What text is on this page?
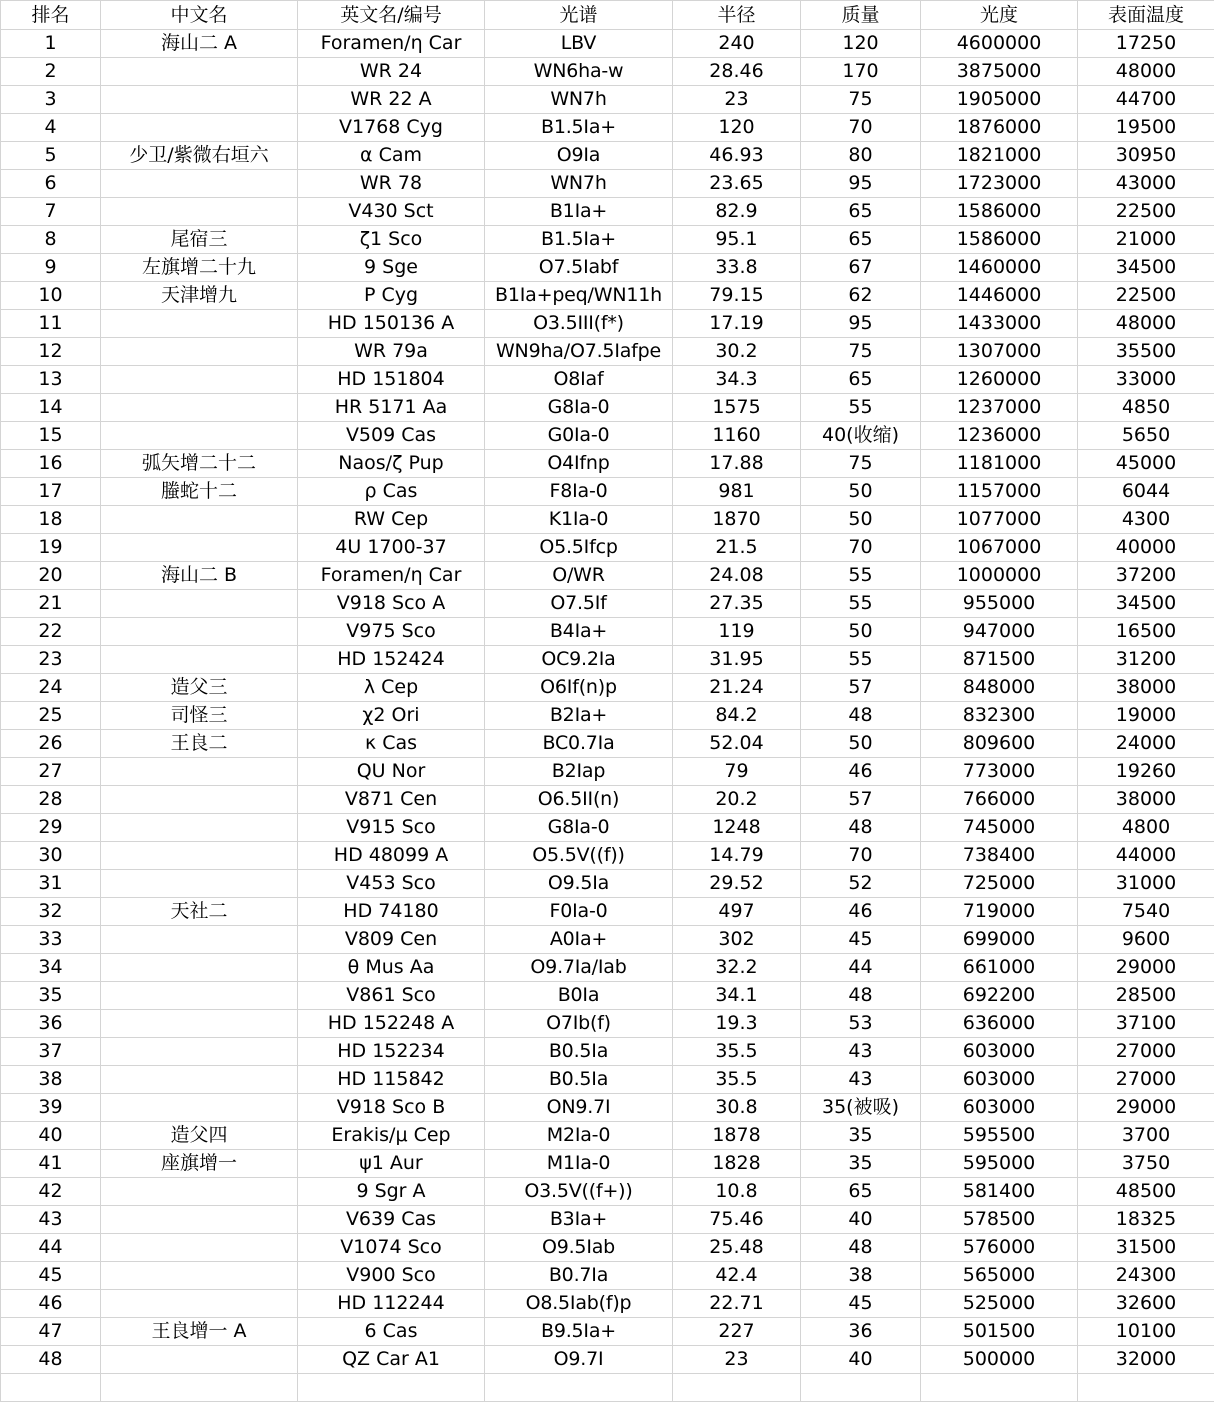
排名	中文名	英文名/编号	光谱	半径	质量	光度	表面温度
1	海山二 A	Foramen/η Car	LBV	240	120	4600000	17250
2		WR 24	WN6ha-w	28.46	170	3875000	48000
3		WR 22 A	WN7h	23	75	1905000	44700
4		V1768 Cyg	B1.5Ia+	120	70	1876000	19500
5	少卫/紫微右垣六	α Cam	O9Ia	46.93	80	1821000	30950
6		WR 78	WN7h	23.65	95	1723000	43000
7		V430 Sct	B1Ia+	82.9	65	1586000	22500
8	尾宿三	ζ1 Sco	B1.5Ia+	95.1	65	1586000	21000
9	左旗增二十九	9 Sge	O7.5Iabf	33.8	67	1460000	34500
10	天津增九	P Cyg	B1Ia+peq/WN11h	79.15	62	1446000	22500
11		HD 150136 A	O3.5III(f*)	17.19	95	1433000	48000
12		WR 79a	WN9ha/O7.5Iafpe	30.2	75	1307000	35500
13		HD 151804	O8Iaf	34.3	65	1260000	33000
14		HR 5171 Aa	G8Ia-0	1575	55	1237000	4850
15		V509 Cas	G0Ia-0	1160	40(收缩)	1236000	5650
16	弧矢增二十二	Naos/ζ Pup	O4Ifnp	17.88	75	1181000	45000
17	螣蛇十二	ρ Cas	F8Ia-0	981	50	1157000	6044
18		RW Cep	K1Ia-0	1870	50	1077000	4300
19		4U 1700-37	O5.5Ifcp	21.5	70	1067000	40000
20	海山二 B	Foramen/η Car	O/WR	24.08	55	1000000	37200
21		V918 Sco A	O7.5If	27.35	55	955000	34500
22		V975 Sco	B4Ia+	119	50	947000	16500
23		HD 152424	OC9.2Ia	31.95	55	871500	31200
24	造父三	λ Cep	O6If(n)p	21.24	57	848000	38000
25	司怪三	χ2 Ori	B2Ia+	84.2	48	832300	19000
26	王良二	κ Cas	BC0.7Ia	52.04	50	809600	24000
27		QU Nor	B2Iap	79	46	773000	19260
28		V871 Cen	O6.5II(n)	20.2	57	766000	38000
29		V915 Sco	G8Ia-0	1248	48	745000	4800
30		HD 48099 A	O5.5V((f))	14.79	70	738400	44000
31		V453 Sco	O9.5Ia	29.52	52	725000	31000
32	天社二	HD 74180	F0Ia-0	497	46	719000	7540
33		V809 Cen	A0Ia+	302	45	699000	9600
34		θ Mus Aa	O9.7Ia/Iab	32.2	44	661000	29000
35		V861 Sco	B0Ia	34.1	48	692200	28500
36		HD 152248 A	O7Ib(f)	19.3	53	636000	37100
37		HD 152234	B0.5Ia	35.5	43	603000	27000
38		HD 115842	B0.5Ia	35.5	43	603000	27000
39		V918 Sco B	ON9.7I	30.8	35(被吸)	603000	29000
40	造父四	Erakis/μ Cep	M2Ia-0	1878	35	595500	3700
41	座旗增一	ψ1 Aur	M1Ia-0	1828	35	595000	3750
42		9 Sgr A	O3.5V((f+))	10.8	65	581400	48500
43		V639 Cas	B3Ia+	75.46	40	578500	18325
44		V1074 Sco	O9.5Iab	25.48	48	576000	31500
45		V900 Sco	B0.7Ia	42.4	38	565000	24300
46		HD 112244	O8.5Iab(f)p	22.71	45	525000	32600
47	王良增一 A	6 Cas	B9.5Ia+	227	36	501500	10100
48		QZ Car A1	O9.7I	23	40	500000	32000
